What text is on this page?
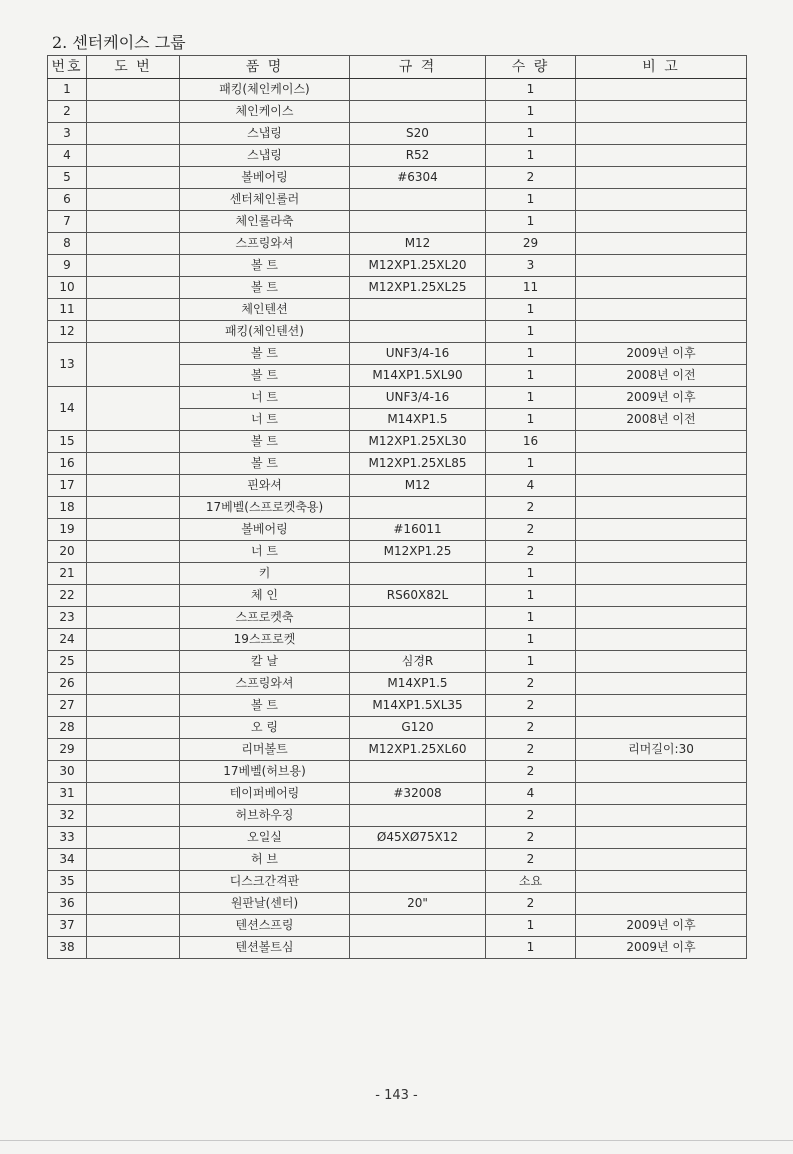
2. 센터케이스 그룹
번호	도 번	품 명	규 격	수 량	비 고
1		패킹(체인케이스)		1	
2		체인케이스		1	
3		스냅링	S20	1	
4		스냅링	R52	1	
5		볼베어링	#6304	2	
6		센터체인롤러		1	
7		체인롤라축		1	
8		스프링와셔	M12	29	
9		볼 트	M12XP1.25XL20	3	
10		볼 트	M12XP1.25XL25	11	
11		체인텐션		1	
12		패킹(체인텐션)		1	
13		볼 트	UNF3/4-16	1	2009년 이후
		볼 트	M14XP1.5XL90	1	2008년 이전
14		너 트	UNF3/4-16	1	2009년 이후
		너 트	M14XP1.5	1	2008년 이전
15		볼 트	M12XP1.25XL30	16	
16		볼 트	M12XP1.25XL85	1	
17		핀와셔	M12	4	
18		17베벨(스프로켓축용)		2	
19		볼베어링	#16011	2	
20		너 트	M12XP1.25	2	
21		키		1	
22		체 인	RS60X82L	1	
23		스프로켓축		1	
24		19스프로켓		1	
25		칼 날	심경R	1	
26		스프링와셔	M14XP1.5	2	
27		볼 트	M14XP1.5XL35	2	
28		오 링	G120	2	
29		리머볼트	M12XP1.25XL60	2	리머길이:30
30		17베벨(허브용)		2	
31		테이퍼베어링	#32008	4	
32		허브하우징		2	
33		오일실	Ø45XØ75X12	2	
34		허 브		2	
35		디스크간격판		소요	
36		원판날(센터)	20"	2	
37		텐션스프링		1	2009년 이후
38		텐션볼트심		1	2009년 이후
- 143 -
